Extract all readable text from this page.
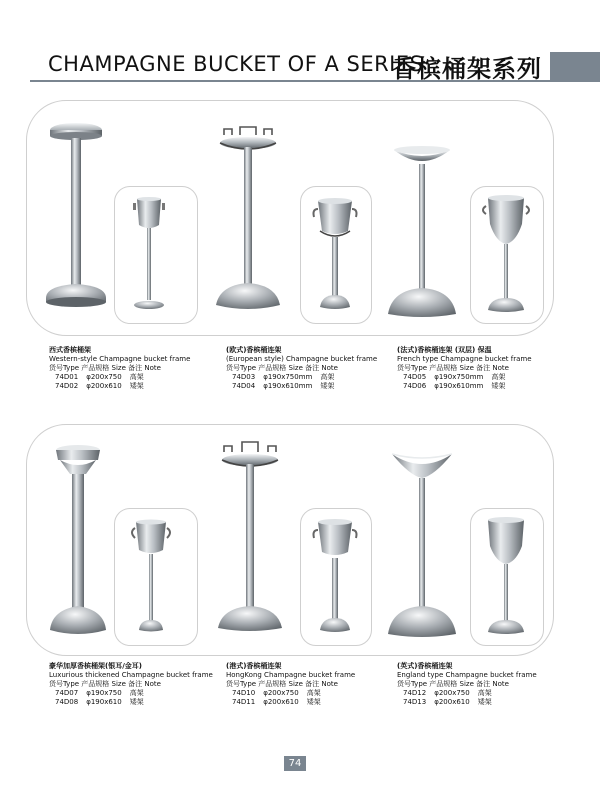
CHAMPAGNE BUCKET OF A SERIES
香槟桶架系列
西式香槟桶架
Western-style Champagne bucket frame
货号Type 产品规格 Size 备注 Note
74D01	φ200x750	高架
74D02	φ200x610	矮架
(欧式)香槟桶连架
(European style) Champagne bucket frame
货号Type 产品规格 Size 备注 Note
74D03	φ190x750mm	高架
74D04	φ190x610mm	矮架
(法式)香槟桶连架 (双层) 保温
French type Champagne bucket frame
货号Type 产品规格 Size 备注 Note
74D05	φ190x750mm	高架
74D06	φ190x610mm	矮架
豪华加厚香槟桶架(银耳/金耳)
Luxurious thickened Champagne bucket frame
货号Type 产品规格 Size 备注 Note
74D07	φ190x750	高架
74D08	φ190x610	矮架
(港式)香槟桶连架
HongKong Champagne bucket frame
货号Type 产品规格 Size 备注 Note
74D10	φ200x750	高架
74D11	φ200x610	矮架
(英式)香槟桶连架
England type Champagne bucket frame
货号Type 产品规格 Size 备注 Note
74D12	φ200x750	高架
74D13	φ200x610	矮架
74
